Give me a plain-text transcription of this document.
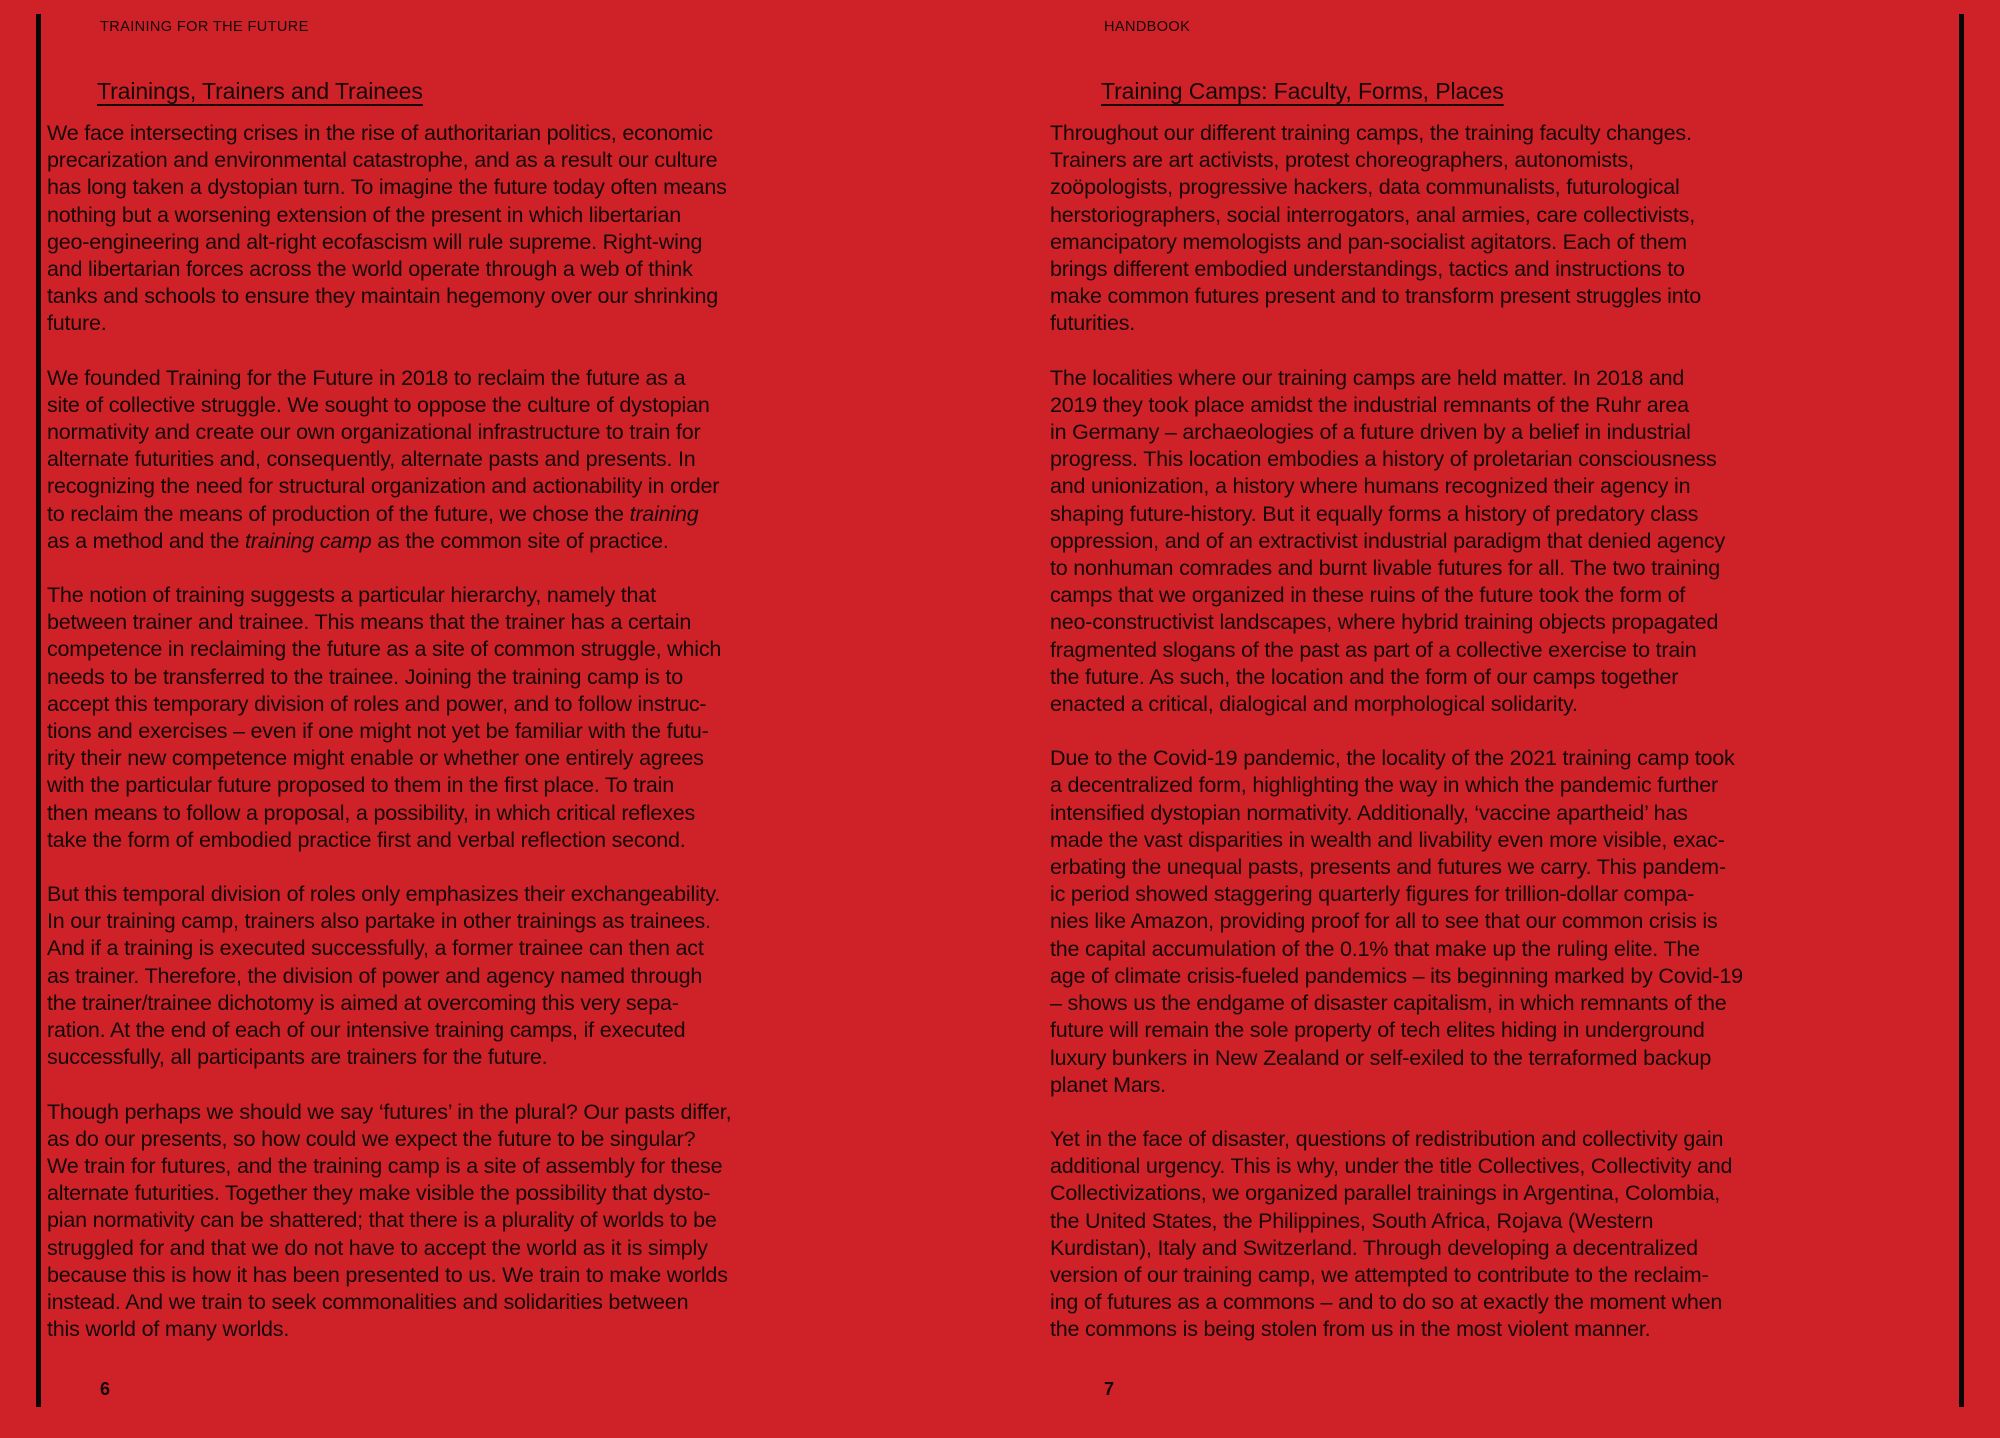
TRAINING FOR THE FUTURE
Trainings, Trainers and Trainees
We face intersecting crises in the rise of authoritarian politics, economic
precarization and environmental catastrophe, and as a result our culture
has long taken a dystopian turn. To imagine the future today often means
nothing but a worsening extension of the present in which libertarian
geo-engineering and alt-right ecofascism will rule supreme. Right-wing
and libertarian forces across the world operate through a web of think
tanks and schools to ensure they maintain hegemony over our shrinking
future.
We founded Training for the Future in 2018 to reclaim the future as a
site of collective struggle. We sought to oppose the culture of dystopian
normativity and create our own organizational infrastructure to train for
alternate futurities and, consequently, alternate pasts and presents. In
recognizing the need for structural organization and actionability in order
to reclaim the means of production of the future, we chose the training
as a method and the training camp as the common site of practice.
The notion of training suggests a particular hierarchy, namely that
between trainer and trainee. This means that the trainer has a certain
competence in reclaiming the future as a site of common struggle, which
needs to be transferred to the trainee. Joining the training camp is to
accept this temporary division of roles and power, and to follow instruc-
tions and exercises – even if one might not yet be familiar with the futu-
rity their new competence might enable or whether one entirely agrees
with the particular future proposed to them in the first place. To train
then means to follow a proposal, a possibility, in which critical reflexes
take the form of embodied practice first and verbal reflection second.
But this temporal division of roles only emphasizes their exchangeability.
In our training camp, trainers also partake in other trainings as trainees.
And if a training is executed successfully, a former trainee can then act
as trainer. Therefore, the division of power and agency named through
the trainer/trainee dichotomy is aimed at overcoming this very sepa-
ration. At the end of each of our intensive training camps, if executed
successfully, all participants are trainers for the future.
Though perhaps we should we say ‘futures’ in the plural? Our pasts differ,
as do our presents, so how could we expect the future to be singular?
We train for futures, and the training camp is a site of assembly for these
alternate futurities. Together they make visible the possibility that dysto-
pian normativity can be shattered; that there is a plurality of worlds to be
struggled for and that we do not have to accept the world as it is simply
because this is how it has been presented to us. We train to make worlds
instead. And we train to seek commonalities and solidarities between
this world of many worlds.
6
HANDBOOK
Training Camps: Faculty, Forms, Places
Throughout our different training camps, the training faculty changes.
Trainers are art activists, protest choreographers, autonomists,
zoöpologists, progressive hackers, data communalists, futurological
herstoriographers, social interrogators, anal armies, care collectivists,
emancipatory memologists and pan-socialist agitators. Each of them
brings different embodied understandings, tactics and instructions to
make common futures present and to transform present struggles into
futurities.
The localities where our training camps are held matter. In 2018 and
2019 they took place amidst the industrial remnants of the Ruhr area
in Germany – archaeologies of a future driven by a belief in industrial
progress. This location embodies a history of proletarian consciousness
and unionization, a history where humans recognized their agency in
shaping future-history. But it equally forms a history of predatory class
oppression, and of an extractivist industrial paradigm that denied agency
to nonhuman comrades and burnt livable futures for all. The two training
camps that we organized in these ruins of the future took the form of
neo-constructivist landscapes, where hybrid training objects propagated
fragmented slogans of the past as part of a collective exercise to train
the future. As such, the location and the form of our camps together
enacted a critical, dialogical and morphological solidarity.
Due to the Covid-19 pandemic, the locality of the 2021 training camp took
a decentralized form, highlighting the way in which the pandemic further
intensified dystopian normativity. Additionally, ‘vaccine apartheid’ has
made the vast disparities in wealth and livability even more visible, exac-
erbating the unequal pasts, presents and futures we carry. This pandem-
ic period showed staggering quarterly figures for trillion-dollar compa-
nies like Amazon, providing proof for all to see that our common crisis is
the capital accumulation of the 0.1% that make up the ruling elite. The
age of climate crisis-fueled pandemics – its beginning marked by Covid-19
– shows us the endgame of disaster capitalism, in which remnants of the
future will remain the sole property of tech elites hiding in underground
luxury bunkers in New Zealand or self-exiled to the terraformed backup
planet Mars.
Yet in the face of disaster, questions of redistribution and collectivity gain
additional urgency. This is why, under the title Collectives, Collectivity and
Collectivizations, we organized parallel trainings in Argentina, Colombia,
the United States, the Philippines, South Africa, Rojava (Western
Kurdistan), Italy and Switzerland. Through developing a decentralized
version of our training camp, we attempted to contribute to the reclaim-
ing of futures as a commons – and to do so at exactly the moment when
the commons is being stolen from us in the most violent manner.
7
